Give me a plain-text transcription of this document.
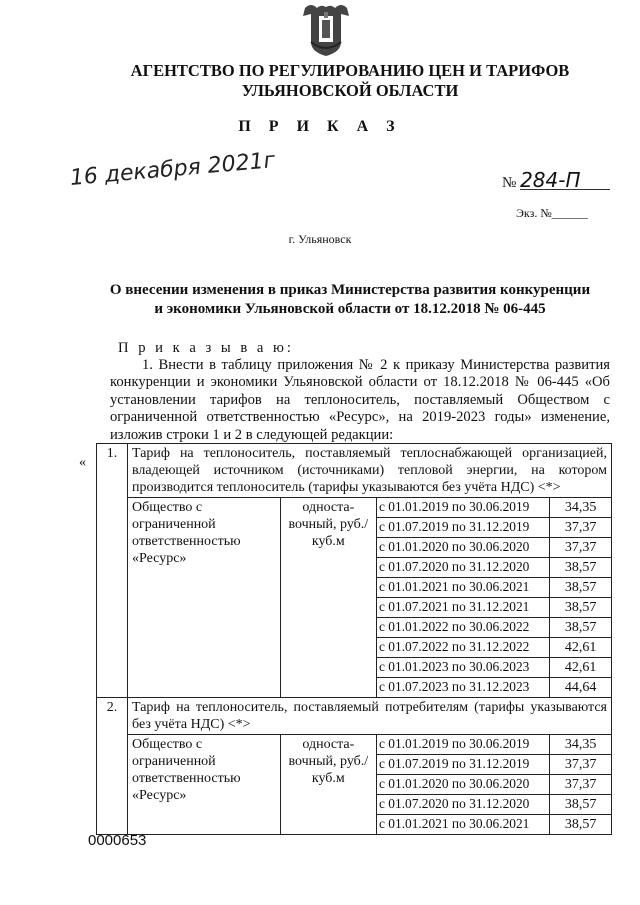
АГЕНТСТВО ПО РЕГУЛИРОВАНИЮ ЦЕН И ТАРИФОВ
УЛЬЯНОВСКОЙ ОБЛАСТИ
П Р И К А З
16 декабря 2021г	№ 284-П
Экз. №______
г. Ульяновск
О внесении изменения в приказ Министерства развития конкуренции
и экономики Ульяновской области от 18.12.2018 № 06-445
П р и к а з ы в а ю:
1. Внести в таблицу приложения № 2 к приказу Министерства развития конкуренции и экономики Ульяновской области от 18.12.2018 № 06-445 «Об установлении тарифов на теплоноситель, поставляемый Обществом с ограниченной ответственностью «Ресурс», на 2019-2023 годы» изменение, изложив строки 1 и 2 в следующей редакции:
«
1.	Тариф на теплоноситель, поставляемый теплоснабжающей организацией, владеющей источником (источниками) тепловой энергии, на котором производится теплоноситель (тарифы указываются без учёта НДС) <*>			
	Общество с ограниченной ответственностью «Ресурс»	односта-вочный, руб./ куб.м	с 01.01.2019 по 30.06.2019	34,35
			с 01.07.2019 по 31.12.2019	37,37
			с 01.01.2020 по 30.06.2020	37,37
			с 01.07.2020 по 31.12.2020	38,57
			с 01.01.2021 по 30.06.2021	38,57
			с 01.07.2021 по 31.12.2021	38,57
			с 01.01.2022 по 30.06.2022	38,57
			с 01.07.2022 по 31.12.2022	42,61
			с 01.01.2023 по 30.06.2023	42,61
			с 01.07.2023 по 31.12.2023	44,64
2.	Тариф на теплоноситель, поставляемый потребителям (тарифы указываются без учёта НДС) <*>			
	Общество с ограниченной ответственностью «Ресурс»	односта-вочный, руб./ куб.м	с 01.01.2019 по 30.06.2019	34,35
			с 01.07.2019 по 31.12.2019	37,37
			с 01.01.2020 по 30.06.2020	37,37
			с 01.07.2020 по 31.12.2020	38,57
			с 01.01.2021 по 30.06.2021	38,57
0000653
